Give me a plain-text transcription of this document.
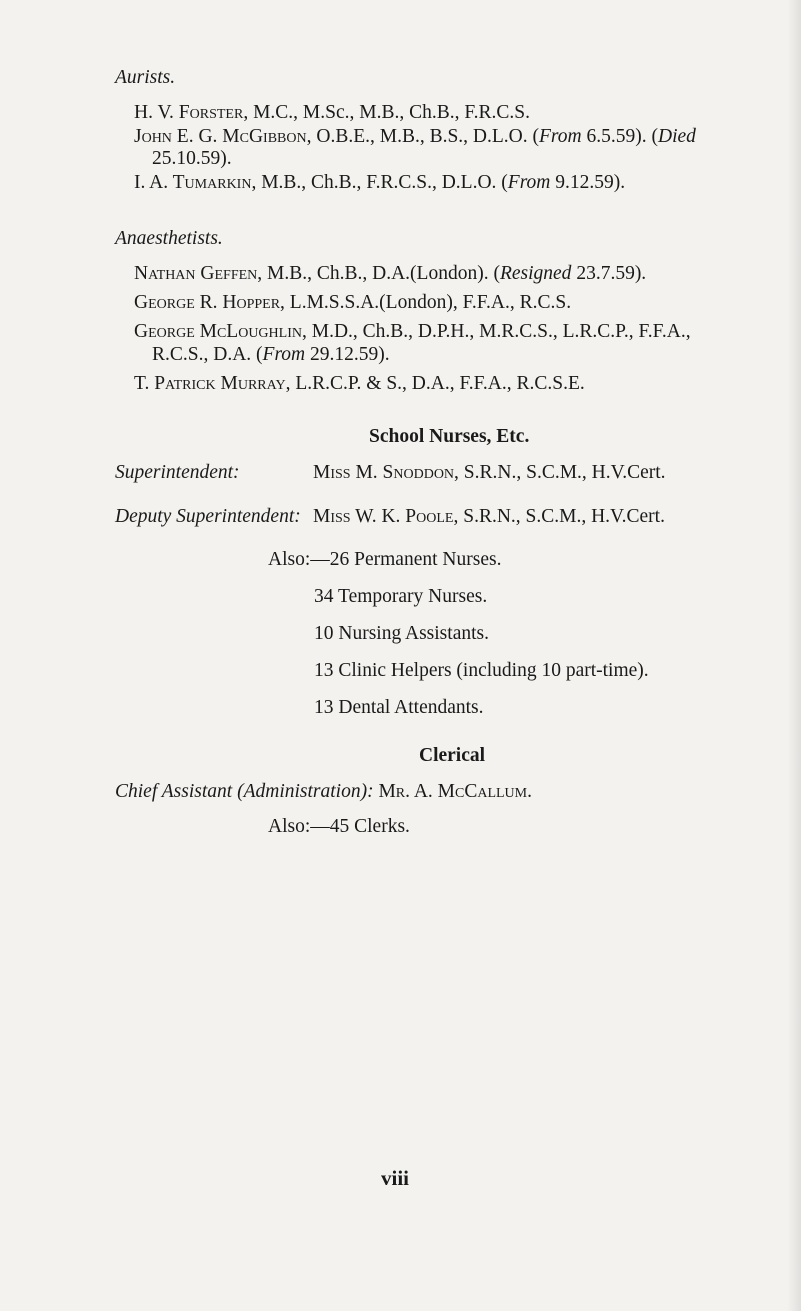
Aurists.
H. V. Forster, M.C., M.Sc., M.B., Ch.B., F.R.C.S.
John E. G. McGibbon, O.B.E., M.B., B.S., D.L.O. (From 6.5.59). (Died
25.10.59).
I. A. Tumarkin, M.B., Ch.B., F.R.C.S., D.L.O. (From 9.12.59).
Anaesthetists.
Nathan Geffen, M.B., Ch.B., D.A.(London). (Resigned 23.7.59).
George R. Hopper, L.M.S.S.A.(London), F.F.A., R.C.S.
George McLoughlin, M.D., Ch.B., D.P.H., M.R.C.S., L.R.C.P., F.F.A.,
R.C.S., D.A. (From 29.12.59).
T. Patrick Murray, L.R.C.P. & S., D.A., F.F.A., R.C.S.E.
School Nurses, Etc.
Superintendent:	Miss M. Snoddon, S.R.N., S.C.M., H.V.Cert.
Deputy Superintendent: Miss W. K. Poole, S.R.N., S.C.M., H.V.Cert.
Also:—26 Permanent Nurses.
34 Temporary Nurses.
10 Nursing Assistants.
13 Clinic Helpers (including 10 part-time).
13 Dental Attendants.
Clerical
Chief Assistant (Administration): Mr. A. McCallum.
Also:—45 Clerks.
viii
